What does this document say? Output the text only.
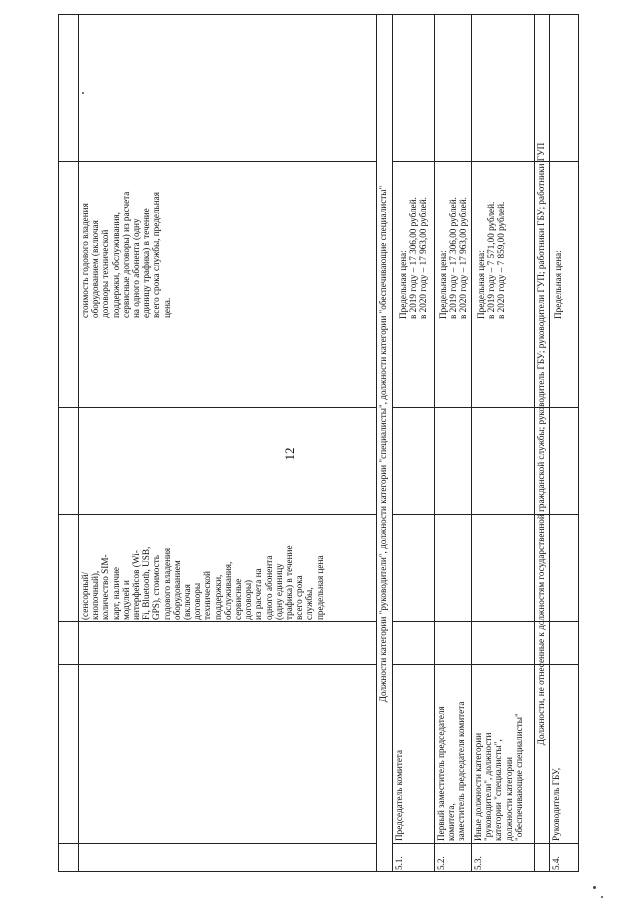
12
(сенсорный/
кнопочный),
количество SIM-
карт, наличие
модулей и
интерфейсов (Wi-
Fi, Bluetooth, USB,
GPS), стоимость
годового владения
оборудованием
(включая
договоры
технической
поддержки,
обслуживания,
сервисные
договоры)
из расчета на
одного абонента
(одну единицу
трафика) в течение
всего срока
службы,
предельная цена
стоимость годового владения
оборудованием (включая
договоры технической
поддержки, обслуживания,
сервисные договоры) из расчета
на одного абонента (одну
единицу трафика) в течение
всего срока службы, предельная
цена.	Должности категории "руководители", должности категории "специалисты", должности категории "обеспечивающие специалисты"
5.1.
Председатель комитета
Предельная цена:
в 2019 году – 17 306,00 рублей.
в 2020 году – 17 963,00 рублей.
5.2.
Первый заместитель председателя
комитета,
заместитель председателя комитета
Предельная цена:
в 2019 году – 17 306,00 рублей.
в 2020 году – 17 963,00 рублей.
5.3.
Иные должности категории
"руководители", должности
категории "специалисты",
должности категории
"обеспечивающие специалисты"
Предельная цена:
в 2019 году – 7 571,00 рублей.
в 2020 году – 7 859,00 рублей.	Должности, не отнесенные к должностям государственной гражданской службы; руководитель ГБУ; руководители ГУП; работники ГБУ; работники ГУП
5.4.
Руководитель ГБУ,
Предельная цена:
